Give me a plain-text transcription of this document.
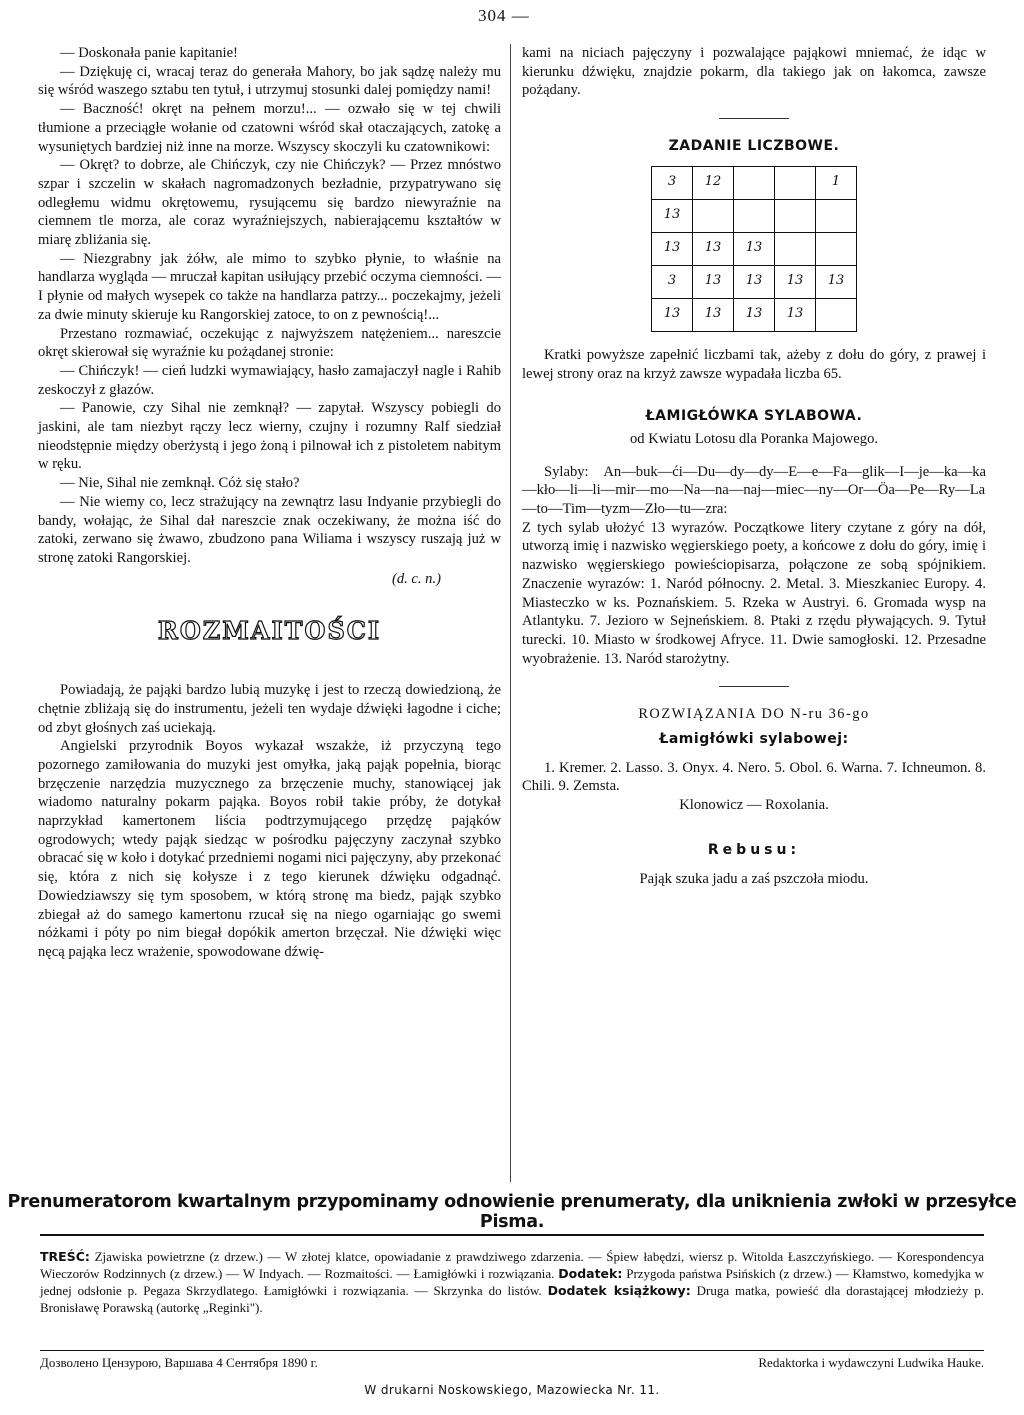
304 —

— Doskonała panie kapitanie!

— Dziękuję ci, wracaj teraz do generała Mahory, bo jak sądzę należy mu się wśród waszego sztabu ten tytuł, i utrzymuj stosunki dalej pomiędzy nami!

— Baczność! okręt na pełnem morzu!... — ozwało się w tej chwili tłumione a przeciągłe wołanie od czatowni wśród skał otaczających, zatokę a wysuniętych bardziej niż inne na morze. Wszyscy skoczyli ku czatownikowi:

— Okręt? to dobrze, ale Chińczyk, czy nie Chińczyk? — Przez mnóstwo szpar i szczelin w skałach nagromadzonych bezładnie, przypatrywano się odległemu widmu okrętowemu, rysującemu się bardzo niewyraźnie na ciemnem tle morza, ale coraz wyraźniejszych, nabierającemu kształtów w miarę zbliżania się.

— Niezgrabny jak żółw, ale mimo to szybko płynie, to właśnie na handlarza wygląda — mruczał kapitan usiłujący przebić oczyma ciemności. — I płynie od małych wysepek co także na handlarza patrzy... poczekajmy, jeżeli za dwie minuty skieruje ku Rangorskiej zatoce, to on z pewnością!...

Przestano rozmawiać, oczekując z najwyższem natężeniem... nareszcie okręt skierował się wyraźnie ku pożądanej stronie:

— Chińczyk! — cień ludzki wymawiający, hasło zamajaczył nagle i Rahib zeskoczył z głazów.

— Panowie, czy Sihal nie zemknął? — zapytał. Wszyscy pobiegli do jaskini, ale tam niezbyt rączy lecz wierny, czujny i rozumny Ralf siedział nieodstępnie między oberżystą i jego żoną i pilnował ich z pistoletem nabitym w ręku.

— Nie, Sihal nie zemknął. Cóż się stało?

— Nie wiemy co, lecz strażujący na zewnątrz lasu Indyanie przybiegli do bandy, wołając, że Sihal dał nareszcie znak oczekiwany, że można iść do zatoki, zerwano się żwawo, zbudzono pana Wiliama i wszyscy ruszają już w stronę zatoki Rangorskiej.

(d. c. n.)
ROZMAITOŚCI

Powiadają, że pająki bardzo lubią muzykę i jest to rzeczą dowiedzioną, że chętnie zbliżają się do instrumentu, jeżeli ten wydaje dźwięki łagodne i ciche; od zbyt głośnych zaś uciekają.

Angielski przyrodnik Boyos wykazał wszakże, iż przyczyną tego pozornego zamiłowania do muzyki jest omyłka, jaką pająk popełnia, biorąc brzęczenie narzędzia muzycznego za brzęczenie muchy, stanowiącej jak wiadomo naturalny pokarm pająka. Boyos robił takie próby, że dotykał naprzykład kamertonem liścia podtrzymującego przędzę pająków ogrodowych; wtedy pająk siedząc w pośrodku pajęczyny zaczynał szybko obracać się w koło i dotykać przedniemi nogami nici pajęczyny, aby przekonać się, która z nich się kołysze i z tego kierunek dźwięku odgadnąć. Dowiedziawszy się tym sposobem, w którą stronę ma biedz, pająk szybko zbiegał aż do samego kamertonu rzucał się na niego ogarniając go swemi nóżkami i póty po nim biegał dopókik amerton brzęczał. Nie dźwięki więc nęcą pająka lecz wrażenie, spowodowane dźwię-

kami na niciach pajęczyny i pozwalające pająkowi mniemać, że idąc w kierunku dźwięku, znajdzie pokarm, dla takiego jak on łakomca, zawsze pożądany.

ZADANIE LICZBOWE.
3	12			1
13				
13	13	13		
3	13	13	13	13
13	13	13	13	

Kratki powyższe zapełnić liczbami tak, ażeby z dołu do góry, z prawej i lewej strony oraz na krzyż zawsze wypadała liczba 65.

ŁAMIGŁÓWKA SYLABOWA.

od Kwiatu Lotosu dla Poranka Majowego.

Sylaby: An—buk—ći—Du—dy—dy—E—e—Fa—glik—I—je—ka—ka—kło—li—li—mir—mo—Na—na—naj—miec—ny—Or—Öa—Pe—Ry—La—to—Tim—tyzm—Zło—tu—zra:

Z tych sylab ułożyć 13 wyrazów. Początkowe litery czytane z góry na dół, utworzą imię i nazwisko węgierskiego poety, a końcowe z dołu do góry, imię i nazwisko węgierskiego powieściopisarza, połączone ze sobą spójnikiem. Znaczenie wyrazów: 1. Naród północny. 2. Metal. 3. Mieszkaniec Europy. 4. Miasteczko w ks. Poznańskiem. 5. Rzeka w Austryi. 6. Gromada wysp na Atlantyku. 7. Jezioro w Sejneńskiem. 8. Ptaki z rzędu pływających. 9. Tytuł turecki. 10. Miasto w środkowej Afryce. 11. Dwie samogłoski. 12. Przesadne wyobrażenie. 13. Naród starożytny.

ROZWIĄZANIA DO N-ru 36-go

Łamigłówki sylabowej:

1. Kremer. 2. Lasso. 3. Onyx. 4. Nero. 5. Obol. 6. Warna. 7. Ichneumon. 8. Chili. 9. Zemsta.

Klonowicz — Roxolania.

Rebusu:

Pająk szuka jadu a zaś pszczoła miodu.

Prenumeratorom kwartalnym przypominamy odnowienie prenumeraty, dla uniknienia zwłoki w przesyłce Pisma.
TREŚĆ: Zjawiska powietrzne (z drzew.) — W złotej klatce, opowiadanie z prawdziwego zdarzenia. — Śpiew łabędzi, wiersz p. Witolda Łaszczyńskiego. — Korespondencya Wieczorów Rodzinnych (z drzew.) — W Indyach. — Rozmaitości. — Łamigłówki i rozwiązania. Dodatek: Przygoda państwa Psińskich (z drzew.) — Kłamstwo, komedyjka w jednej odsłonie p. Pegaza Skrzydlatego. Łamigłówki i rozwiązania. — Skrzynka do listów. Dodatek książkowy: Druga matka, powieść dla dorastającej młodzieży p. Bronisławę Porawską (autorkę „Reginki").
Дозволено Цензурою, Варшава 4 Сентября 1890 г.	Redaktorka i wydawczyni Ludwika Hauke.
W drukarni Noskowskiego, Mazowiecka Nr. 11.
